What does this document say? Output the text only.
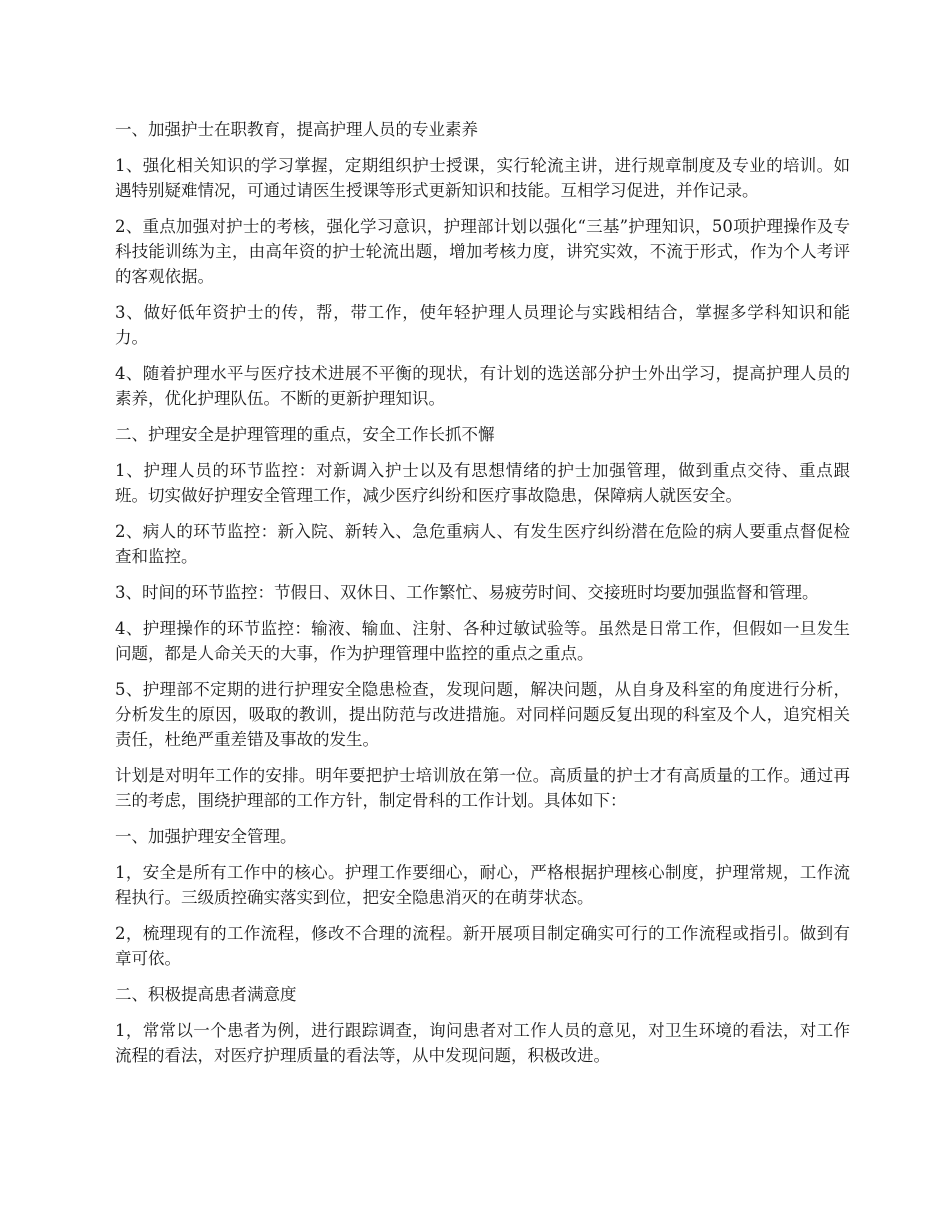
一、加强护士在职教育，提高护理人员的专业素养

1、强化相关知识的学习掌握，定期组织护士授课，实行轮流主讲，进行规章制度及专业的培训。如遇特别疑难情况，可通过请医生授课等形式更新知识和技能。互相学习促进，并作记录。

2、重点加强对护士的考核，强化学习意识，护理部计划以强化“三基”护理知识，50项护理操作及专科技能训练为主，由高年资的护士轮流出题，增加考核力度，讲究实效，不流于形式，作为个人考评的客观依据。

3、做好低年资护士的传，帮，带工作，使年轻护理人员理论与实践相结合，掌握多学科知识和能力。

4、随着护理水平与医疗技术进展不平衡的现状，有计划的选送部分护士外出学习，提高护理人员的素养，优化护理队伍。不断的更新护理知识。

二、护理安全是护理管理的重点，安全工作长抓不懈

1、护理人员的环节监控：对新调入护士以及有思想情绪的护士加强管理，做到重点交待、重点跟班。切实做好护理安全管理工作，减少医疗纠纷和医疗事故隐患，保障病人就医安全。

2、病人的环节监控：新入院、新转入、急危重病人、有发生医疗纠纷潜在危险的病人要重点督促检查和监控。

3、时间的环节监控：节假日、双休日、工作繁忙、易疲劳时间、交接班时均要加强监督和管理。

4、护理操作的环节监控：输液、输血、注射、各种过敏试验等。虽然是日常工作，但假如一旦发生问题，都是人命关天的大事，作为护理管理中监控的重点之重点。

5、护理部不定期的进行护理安全隐患检查，发现问题，解决问题，从自身及科室的角度进行分析，分析发生的原因，吸取的教训，提出防范与改进措施。对同样问题反复出现的科室及个人，追究相关责任，杜绝严重差错及事故的发生。

计划是对明年工作的安排。明年要把护士培训放在第一位。高质量的护士才有高质量的工作。通过再三的考虑，围绕护理部的工作方针，制定骨科的工作计划。具体如下：

一、加强护理安全管理。

1，安全是所有工作中的核心。护理工作要细心，耐心，严格根据护理核心制度，护理常规，工作流程执行。三级质控确实落实到位，把安全隐患消灭的在萌芽状态。

2，梳理现有的工作流程，修改不合理的流程。新开展项目制定确实可行的工作流程或指引。做到有章可依。

二、积极提高患者满意度

1，常常以一个患者为例，进行跟踪调查，询问患者对工作人员的意见，对卫生环境的看法，对工作流程的看法，对医疗护理质量的看法等，从中发现问题，积极改进。
